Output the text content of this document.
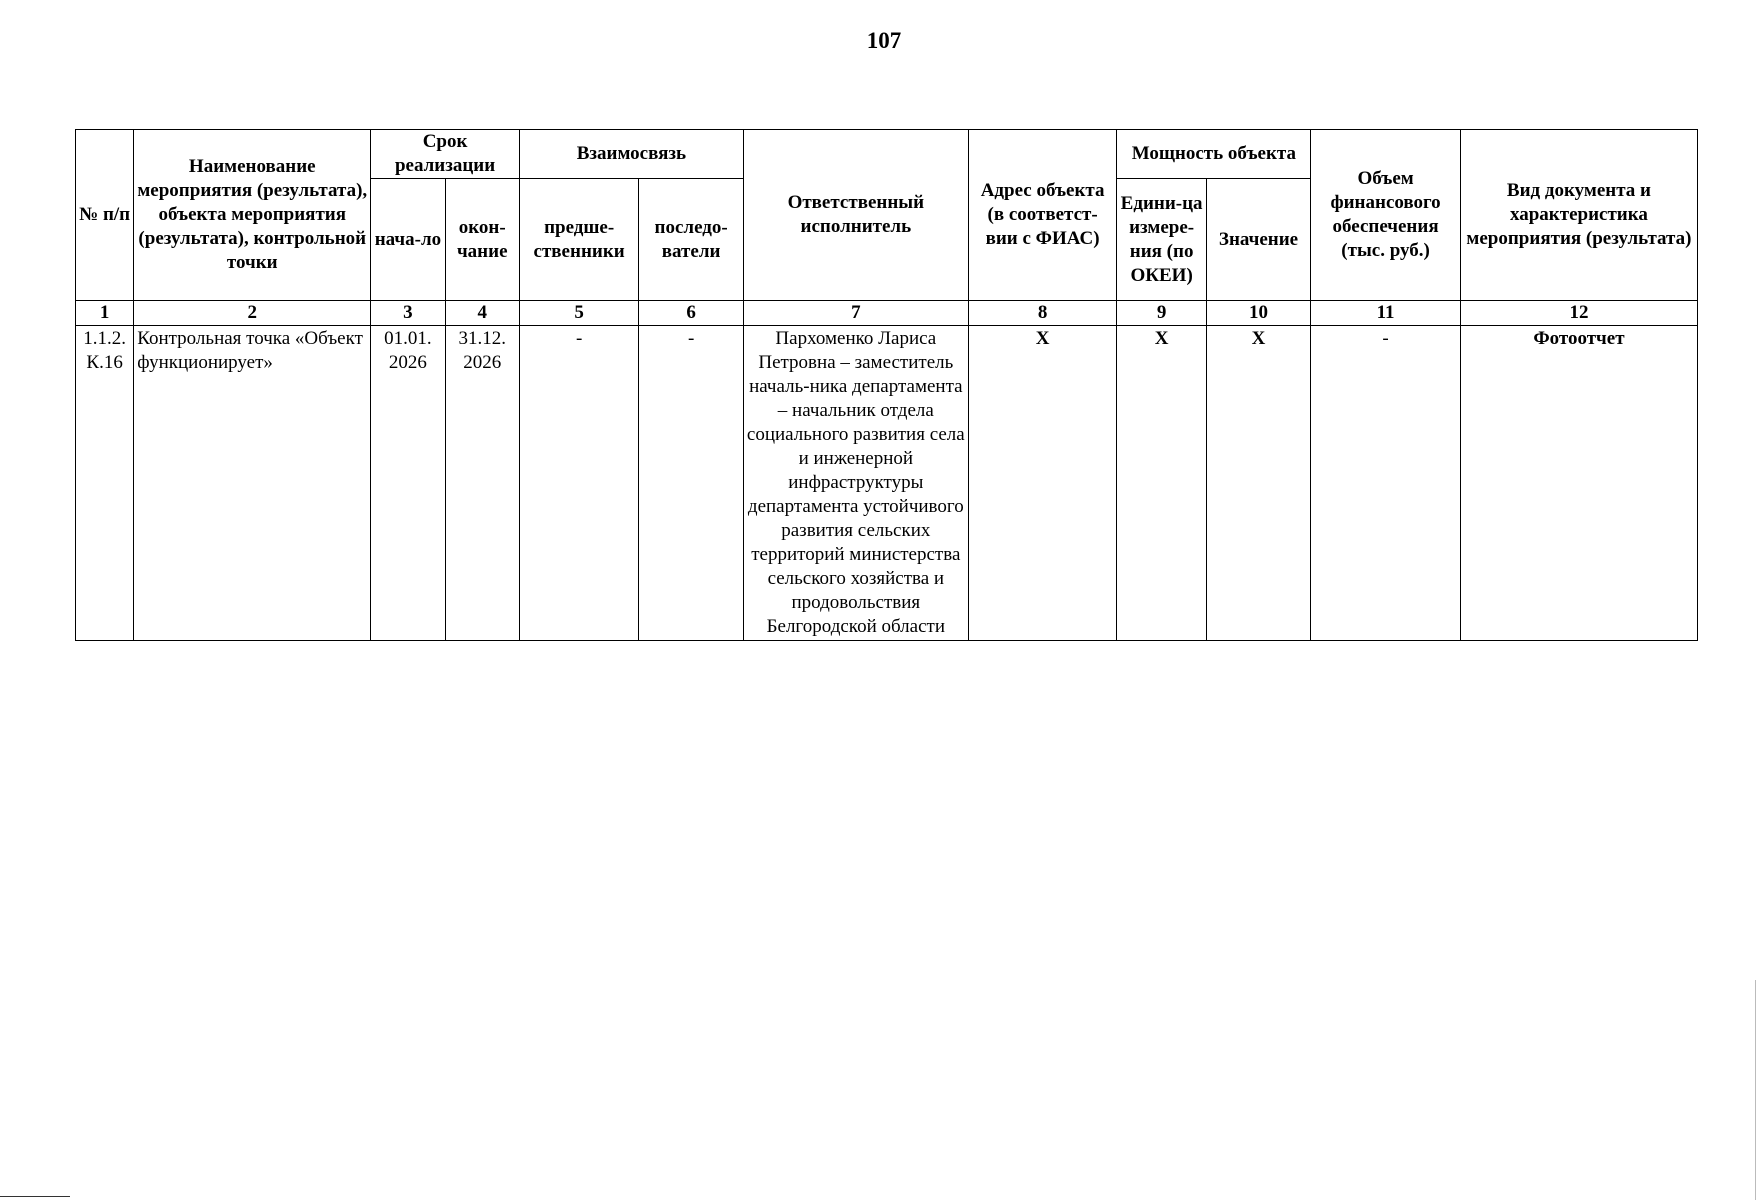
107
№ п/п	Наименование мероприятия (результата), объекта мероприятия (результата), контрольной точки	Срок реализации		Взаимосвязь		Ответственный исполнитель	Адрес объекта (в соответст-вии с ФИАС)	Мощность объекта		Объем финансового обеспечения (тыс. руб.)	Вид документа и характеристика мероприятия (результата)
		нача-ло	окон-чание	предше-ственники	последо-ватели			Едини-ца измере-ния (по ОКЕИ)	Значение		
1	2	3	4	5	6	7	8	9	10	11	12
1.1.2. К.16	Контрольная точка «Объект функционирует»	01.01. 2026	31.12. 2026	-	-	Пархоменко Лариса Петровна – заместитель началь-ника департамента – начальник отдела социального развития села и инженерной инфраструктуры департамента устойчивого развития сельских территорий министерства сельского хозяйства и продовольствия Белгородской области	X	X	X	-	Фотоотчет
